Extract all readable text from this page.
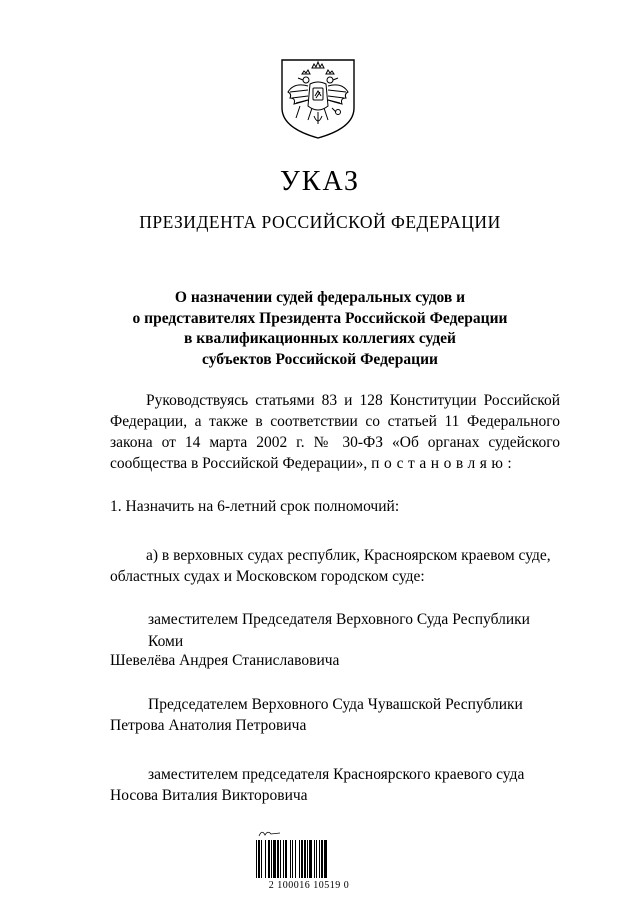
УКАЗ
ПРЕЗИДЕНТА РОССИЙСКОЙ ФЕДЕРАЦИИ
О назначении судей федеральных судов и
о представителях Президента Российской Федерации
в квалификационных коллегиях судей
субъектов Российской Федерации
Руководствуясь статьями 83 и 128 Конституции Российской Федерации, а также в соответствии со статьей 11 Федерального закона от 14 марта 2002 г. № 30-ФЗ «Об органах судейского сообщества в Российской Федерации», постановляю:
1. Назначить на 6-летний срок полномочий:
а) в верховных судах республик, Красноярском краевом суде, областных судах и Московском городском суде:
заместителем Председателя Верховного Суда Республики
Коми
Шевелёва Андрея Станиславовича
Председателем Верховного Суда Чувашской Республики
Петрова Анатолия Петровича
заместителем председателя Красноярского краевого суда
Носова Виталия Викторовича
2 100016 10519 0
